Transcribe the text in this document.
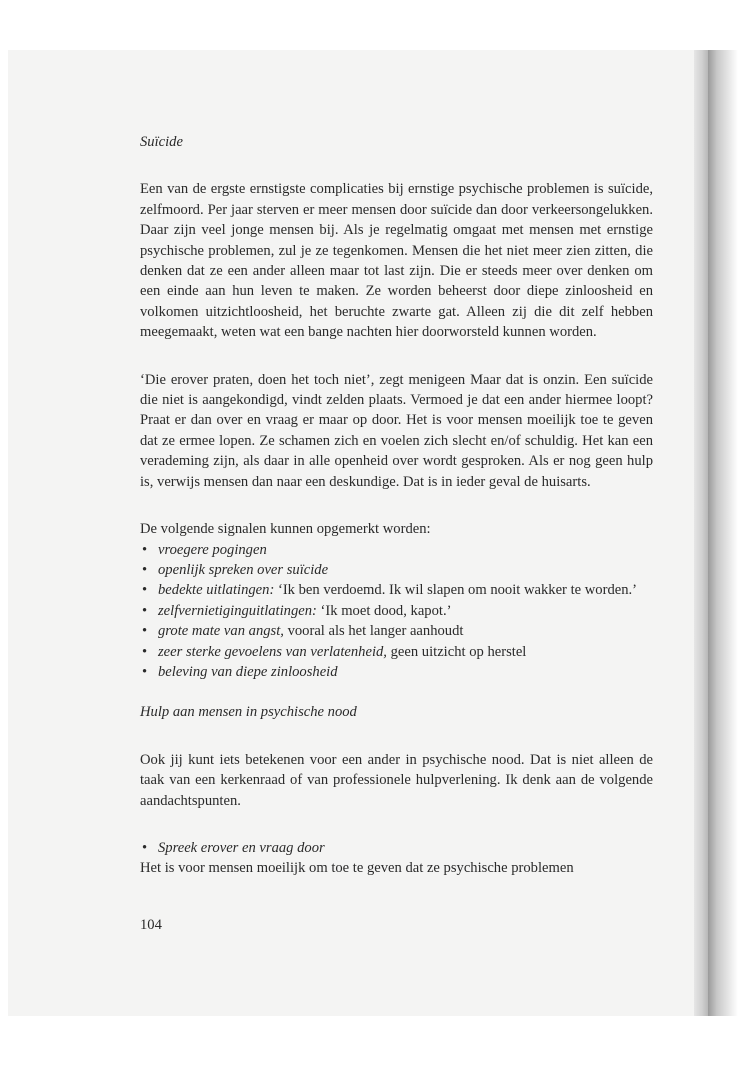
Suïcide

Een van de ergste ernstigste complicaties bij ernstige psychische problemen is suïcide, zelfmoord. Per jaar sterven er meer mensen door suïcide dan door verkeersongelukken. Daar zijn veel jonge mensen bij. Als je regelmatig omgaat met mensen met ernstige psychische problemen, zul je ze tegenkomen. Mensen die het niet meer zien zitten, die denken dat ze een ander alleen maar tot last zijn. Die er steeds meer over denken om een einde aan hun leven te maken. Ze worden beheerst door diepe zinloosheid en volkomen uitzichtloosheid, het beruchte zwarte gat. Alleen zij die dit zelf hebben meegemaakt, weten wat een bange nachten hier doorworsteld kunnen worden.

‘Die erover praten, doen het toch niet’, zegt menigeen Maar dat is onzin. Een suïcide die niet is aangekondigd, vindt zelden plaats. Vermoed je dat een ander hiermee loopt? Praat er dan over en vraag er maar op door. Het is voor mensen moeilijk toe te geven dat ze ermee lopen. Ze schamen zich en voelen zich slecht en/of schuldig. Het kan een verademing zijn, als daar in alle openheid over wordt gesproken. Als er nog geen hulp is, verwijs mensen dan naar een deskundige. Dat is in ieder geval de huisarts.

De volgende signalen kunnen opgemerkt worden:

• vroegere pogingen
• openlijk spreken over suïcide
• bedekte uitlatingen: ‘Ik ben verdoemd. Ik wil slapen om nooit wakker te worden.’
• zelfvernietiginguitlatingen: ‘Ik moet dood, kapot.’
• grote mate van angst, vooral als het langer aanhoudt
• zeer sterke gevoelens van verlatenheid, geen uitzicht op herstel
• beleving van diepe zinloosheid

Hulp aan mensen in psychische nood

Ook jij kunt iets betekenen voor een ander in psychische nood. Dat is niet alleen de taak van een kerkenraad of van professionele hulpverlening. Ik denk aan de volgende aandachtspunten.

• Spreek erover en vraag door

Het is voor mensen moeilijk om toe te geven dat ze psychische problemen

104
